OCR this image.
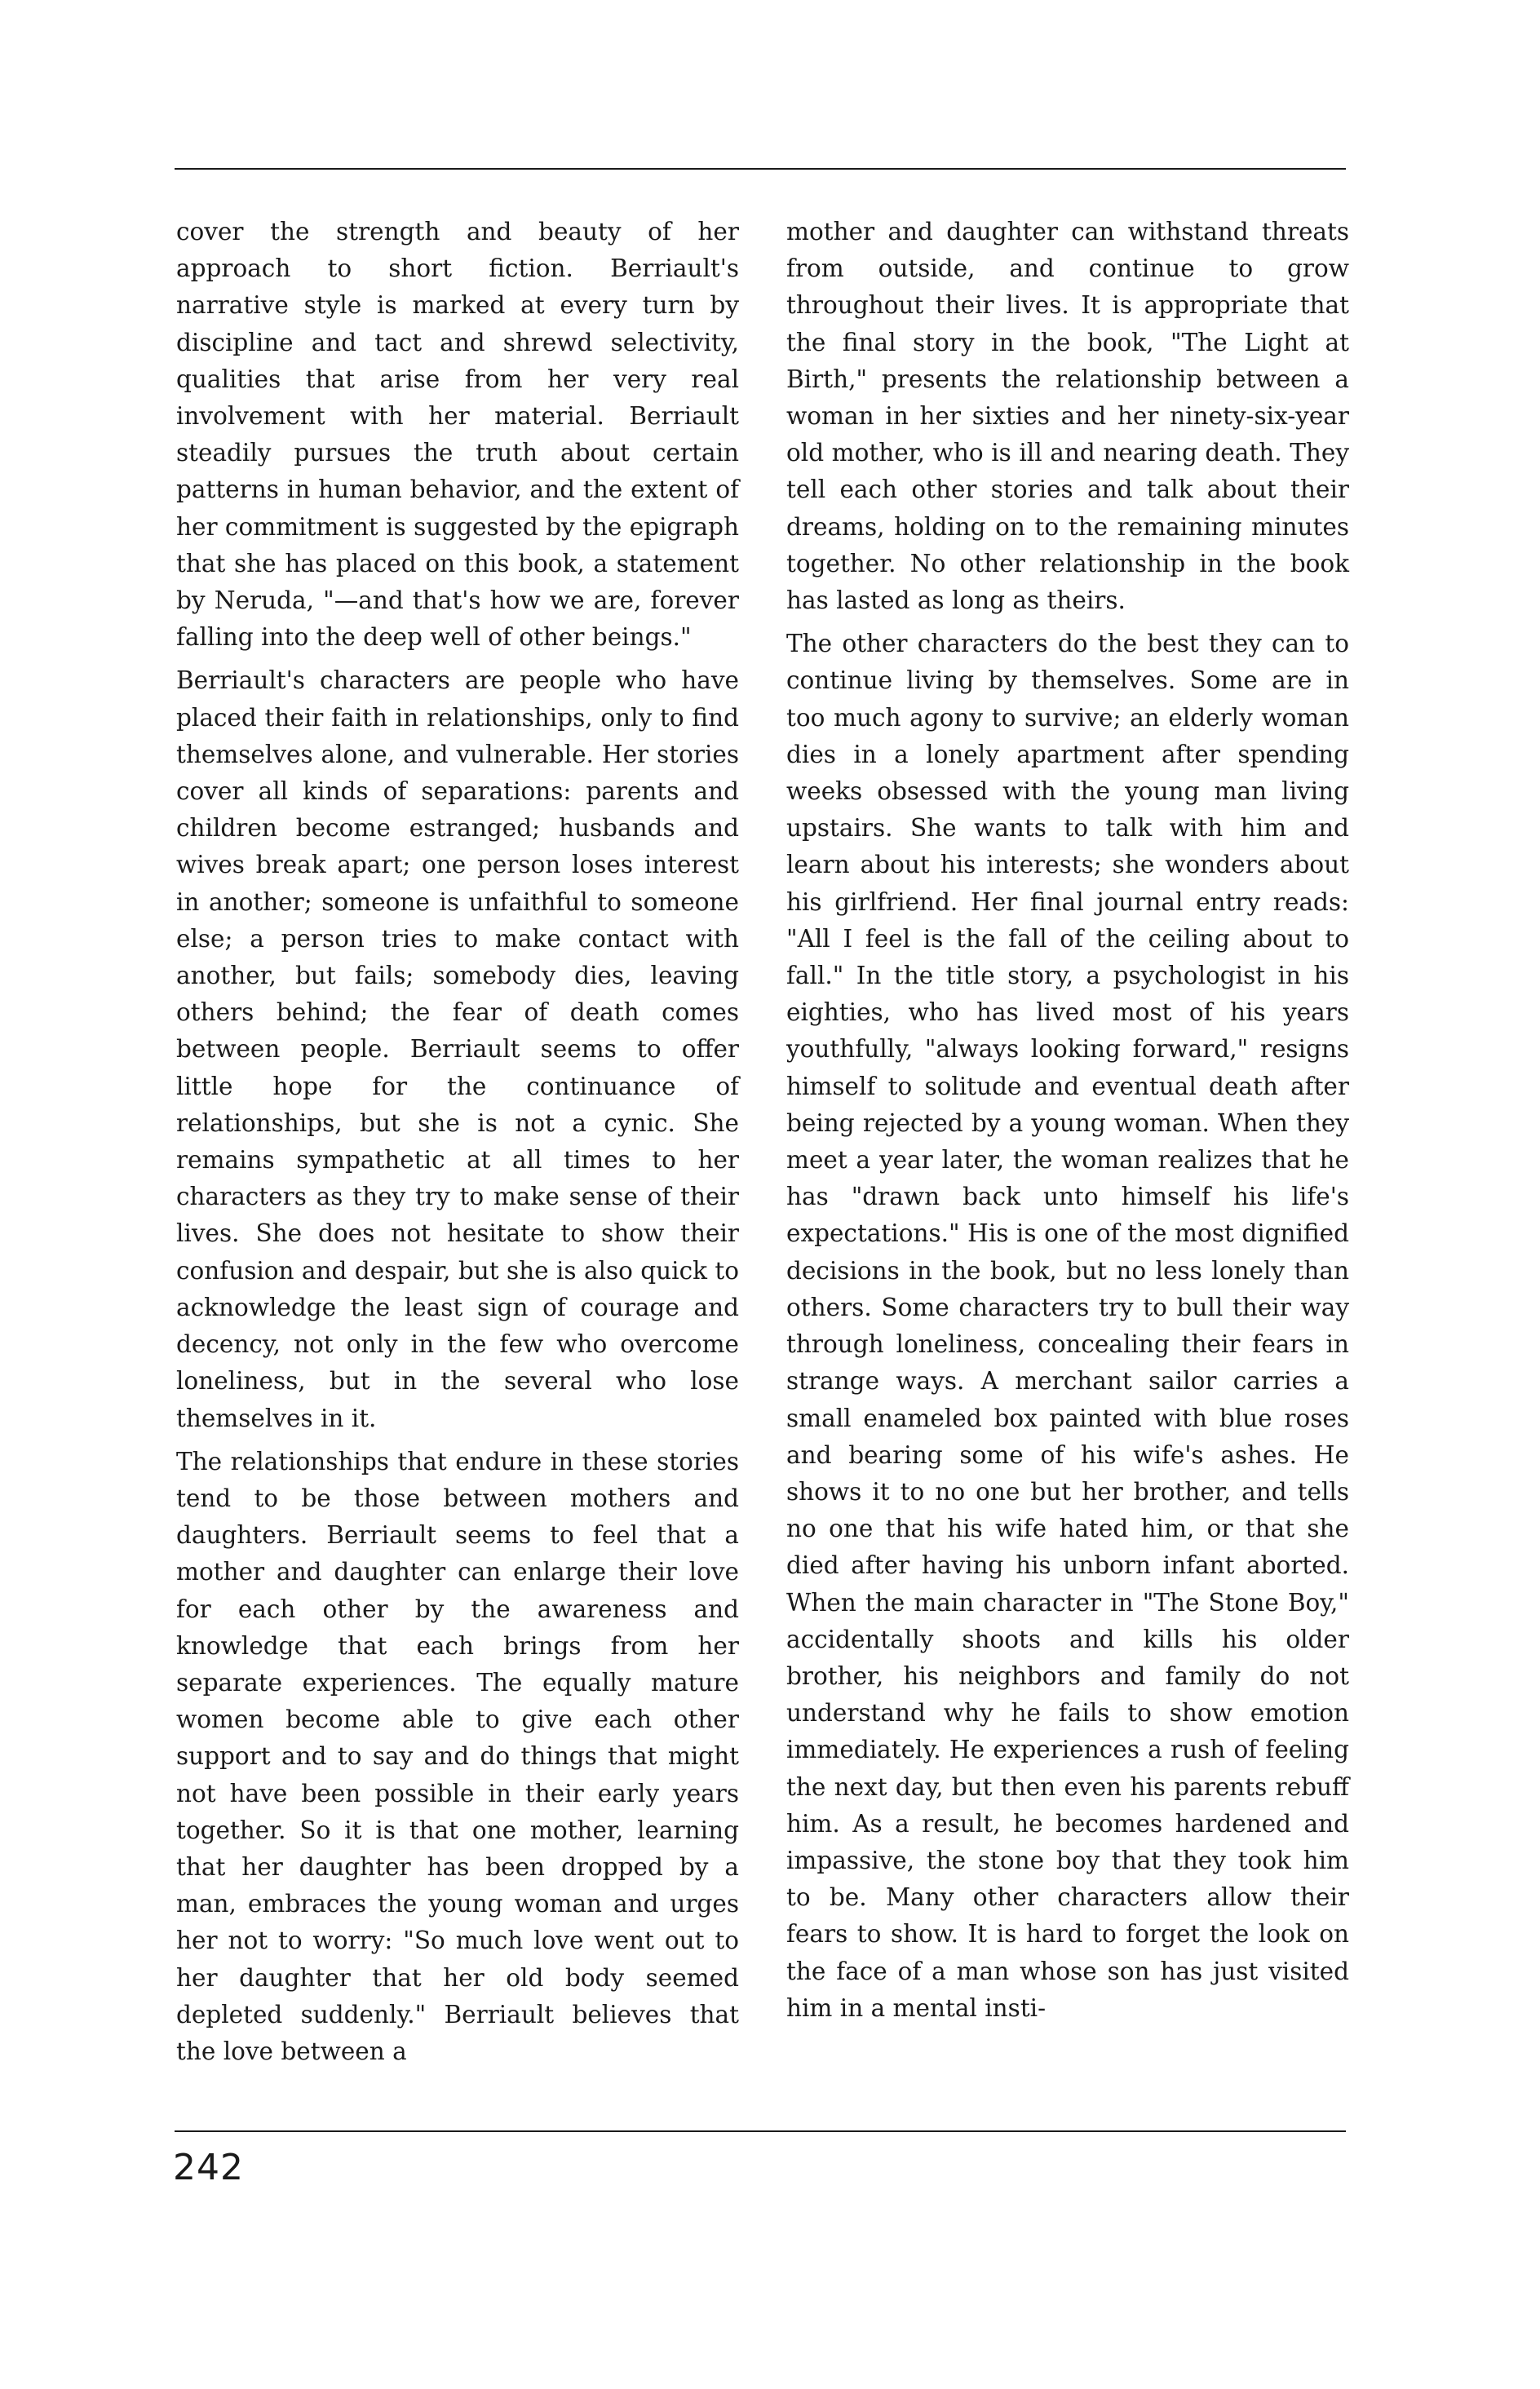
cover the strength and beauty of her approach to short fiction. Berriault's narrative style is marked at every turn by discipline and tact and shrewd selectivity, qualities that arise from her very real involvement with her material. Berriault steadily pursues the truth about certain patterns in human behavior, and the extent of her commitment is suggested by the epigraph that she has placed on this book, a statement by Neruda, "—and that's how we are, forever falling into the deep well of other beings."

Berriault's characters are people who have placed their faith in relationships, only to find themselves alone, and vulnerable. Her stories cover all kinds of separations: parents and children become estranged; husbands and wives break apart; one person loses interest in another; someone is unfaithful to someone else; a person tries to make contact with another, but fails; somebody dies, leaving others behind; the fear of death comes between people. Berriault seems to offer little hope for the continuance of relationships, but she is not a cynic. She remains sympathetic at all times to her characters as they try to make sense of their lives. She does not hesitate to show their confusion and despair, but she is also quick to acknowledge the least sign of courage and decency, not only in the few who overcome loneliness, but in the several who lose themselves in it.

The relationships that endure in these stories tend to be those between mothers and daughters. Berriault seems to feel that a mother and daughter can enlarge their love for each other by the awareness and knowledge that each brings from her separate experiences. The equally mature women become able to give each other support and to say and do things that might not have been possible in their early years together. So it is that one mother, learning that her daughter has been dropped by a man, embraces the young woman and urges her not to worry: "So much love went out to her daughter that her old body seemed depleted suddenly." Berriault believes that the love between a

mother and daughter can withstand threats from outside, and continue to grow throughout their lives. It is appropriate that the final story in the book, "The Light at Birth," presents the relationship between a woman in her sixties and her ninety-six-year old mother, who is ill and nearing death. They tell each other stories and talk about their dreams, holding on to the remaining minutes together. No other relationship in the book has lasted as long as theirs.

The other characters do the best they can to continue living by themselves. Some are in too much agony to survive; an elderly woman dies in a lonely apartment after spending weeks obsessed with the young man living upstairs. She wants to talk with him and learn about his interests; she wonders about his girlfriend. Her final journal entry reads: "All I feel is the fall of the ceiling about to fall." In the title story, a psychologist in his eighties, who has lived most of his years youthfully, "always looking forward," resigns himself to solitude and eventual death after being rejected by a young woman. When they meet a year later, the woman realizes that he has "drawn back unto himself his life's expectations." His is one of the most dignified decisions in the book, but no less lonely than others. Some characters try to bull their way through loneliness, concealing their fears in strange ways. A merchant sailor carries a small enameled box painted with blue roses and bearing some of his wife's ashes. He shows it to no one but her brother, and tells no one that his wife hated him, or that she died after having his unborn infant aborted. When the main character in "The Stone Boy," accidentally shoots and kills his older brother, his neighbors and family do not understand why he fails to show emotion immediately. He experiences a rush of feeling the next day, but then even his parents rebuff him. As a result, he becomes hardened and impassive, the stone boy that they took him to be. Many other characters allow their fears to show. It is hard to forget the look on the face of a man whose son has just visited him in a mental insti-

242
